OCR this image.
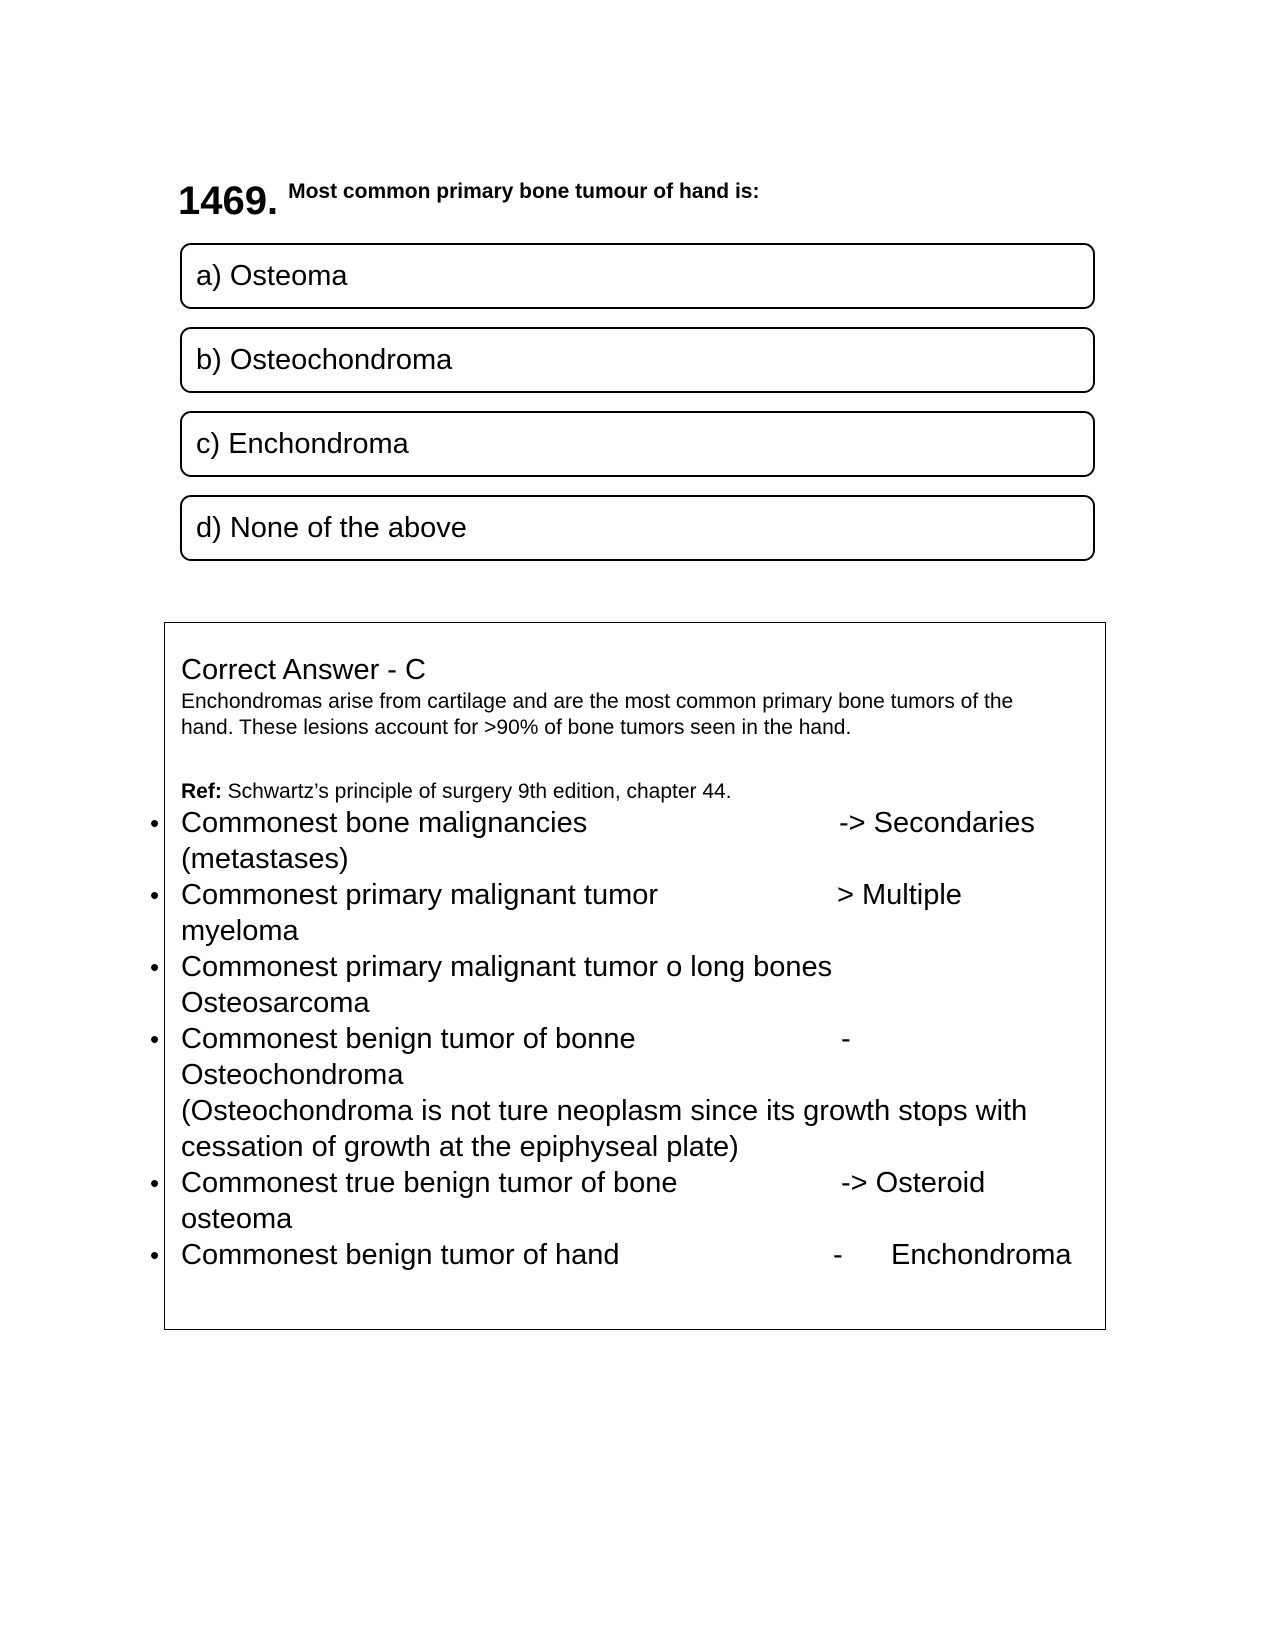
1469. Most common primary bone tumour of hand is:
a) Osteoma
b) Osteochondroma
c) Enchondroma
d) None of the above
Correct Answer - C
Enchondromas arise from cartilage and are the most common primary bone tumors of the
hand. These lesions account for >90% of bone tumors seen in the hand.
Ref: Schwartz’s principle of surgery 9th edition, chapter 44.
• Commonest bone malignancies	-> Secondaries
(metastases)
• Commonest primary malignant tumor	> Multiple
myeloma
• Commonest primary malignant tumor o long bones
Osteosarcoma
• Commonest benign tumor of bonne	-
Osteochondroma
(Osteochondroma is not ture neoplasm since its growth stops with
cessation of growth at the epiphyseal plate)
• Commonest true benign tumor of bone	-> Osteroid
osteoma
• Commonest benign tumor of hand	-      Enchondroma
